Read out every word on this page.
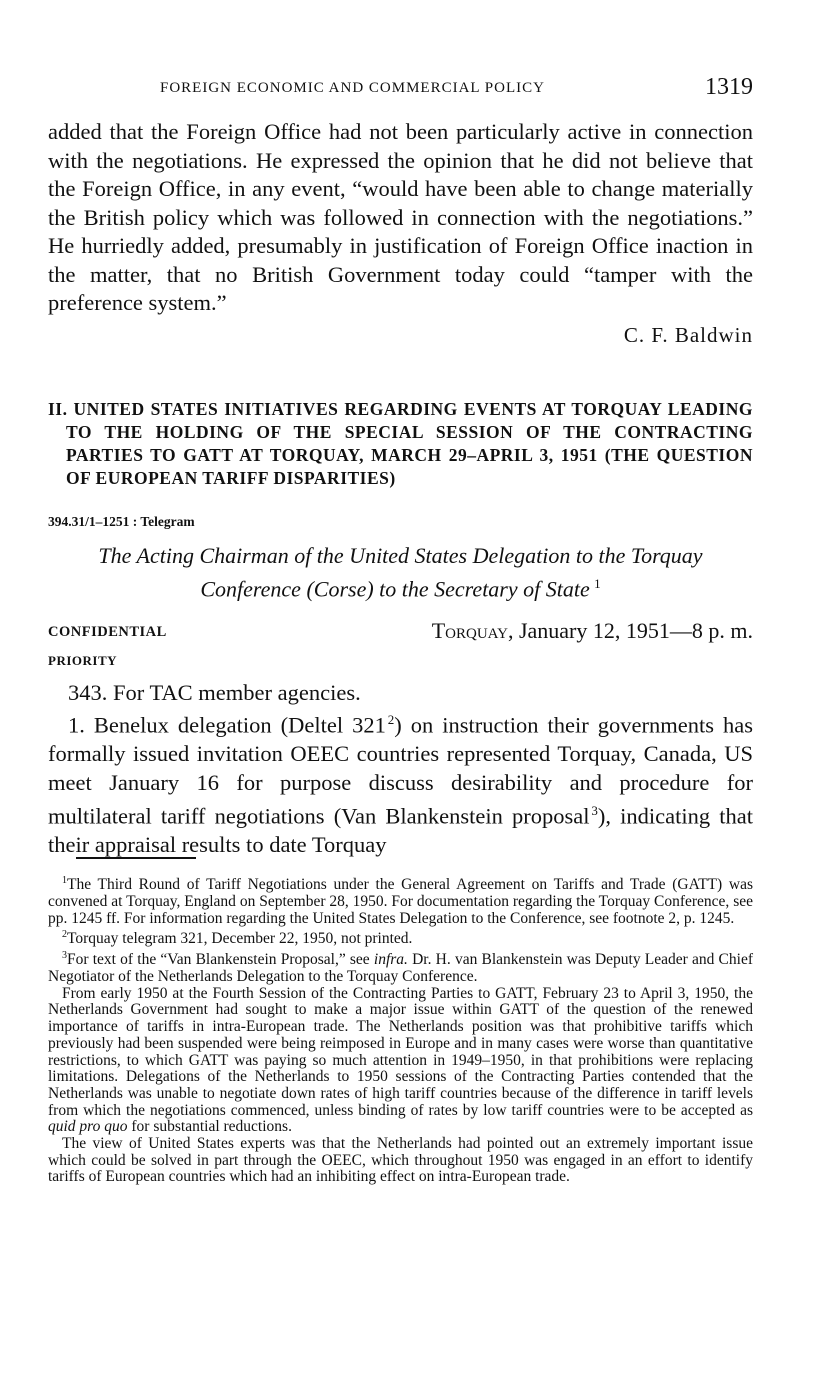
FOREIGN ECONOMIC AND COMMERCIAL POLICY	1319

added that the Foreign Office had not been particularly active in connection with the negotiations. He expressed the opinion that he did not believe that the Foreign Office, in any event, “would have been able to change materially the British policy which was followed in connection with the negotiations.” He hurriedly added, presumably in justification of Foreign Office inaction in the matter, that no British Government today could “tamper with the preference system.”

C. F. Baldwin

II. UNITED STATES INITIATIVES REGARDING EVENTS AT TORQUAY LEADING TO THE HOLDING OF THE SPECIAL SESSION OF THE CONTRACTING PARTIES TO GATT AT TORQUAY, MARCH 29–APRIL 3, 1951 (THE QUESTION OF EUROPEAN TARIFF DISPARITIES)

394.31/1–1251 : Telegram

The Acting Chairman of the United States Delegation to the Torquay Conference (Corse) to the Secretary of State  $^1$

CONFIDENTIAL	Torquay, January 12, 1951—8 p. m.
PRIORITY

343. For TAC member agencies.

1. Benelux delegation (Deltel 321  $^2$) on instruction their governments has formally issued invitation OEEC countries represented Torquay, Canada, US meet January 16 for purpose discuss desirability and procedure for multilateral tariff negotiations (Van Blankenstein proposal  $^3$), indicating that their appraisal results to date Torquay

$^1$The Third Round of Tariff Negotiations under the General Agreement on Tariffs and Trade (GATT) was convened at Torquay, England on September 28, 1950. For documentation regarding the Torquay Conference, see pp. 1245 ff. For information regarding the United States Delegation to the Conference, see footnote 2, p. 1245.

$^2$Torquay telegram 321, December 22, 1950, not printed.

$^3$For text of the “Van Blankenstein Proposal,” see infra. Dr. H. van Blankenstein was Deputy Leader and Chief Negotiator of the Netherlands Delegation to the Torquay Conference.

From early 1950 at the Fourth Session of the Contracting Parties to GATT, February 23 to April 3, 1950, the Netherlands Government had sought to make a major issue within GATT of the question of the renewed importance of tariffs in intra-European trade. The Netherlands position was that prohibitive tariffs which previously had been suspended were being reimposed in Europe and in many cases were worse than quantitative restrictions, to which GATT was paying so much attention in 1949–1950, in that prohibitions were replacing limitations. Delegations of the Netherlands to 1950 sessions of the Contracting Parties contended that the Netherlands was unable to negotiate down rates of high tariff countries because of the difference in tariff levels from which the negotiations commenced, unless binding of rates by low tariff countries were to be accepted as quid pro quo for substantial reductions.

The view of United States experts was that the Netherlands had pointed out an extremely important issue which could be solved in part through the OEEC, which throughout 1950 was engaged in an effort to identify tariffs of European countries which had an inhibiting effect on intra-European trade.
